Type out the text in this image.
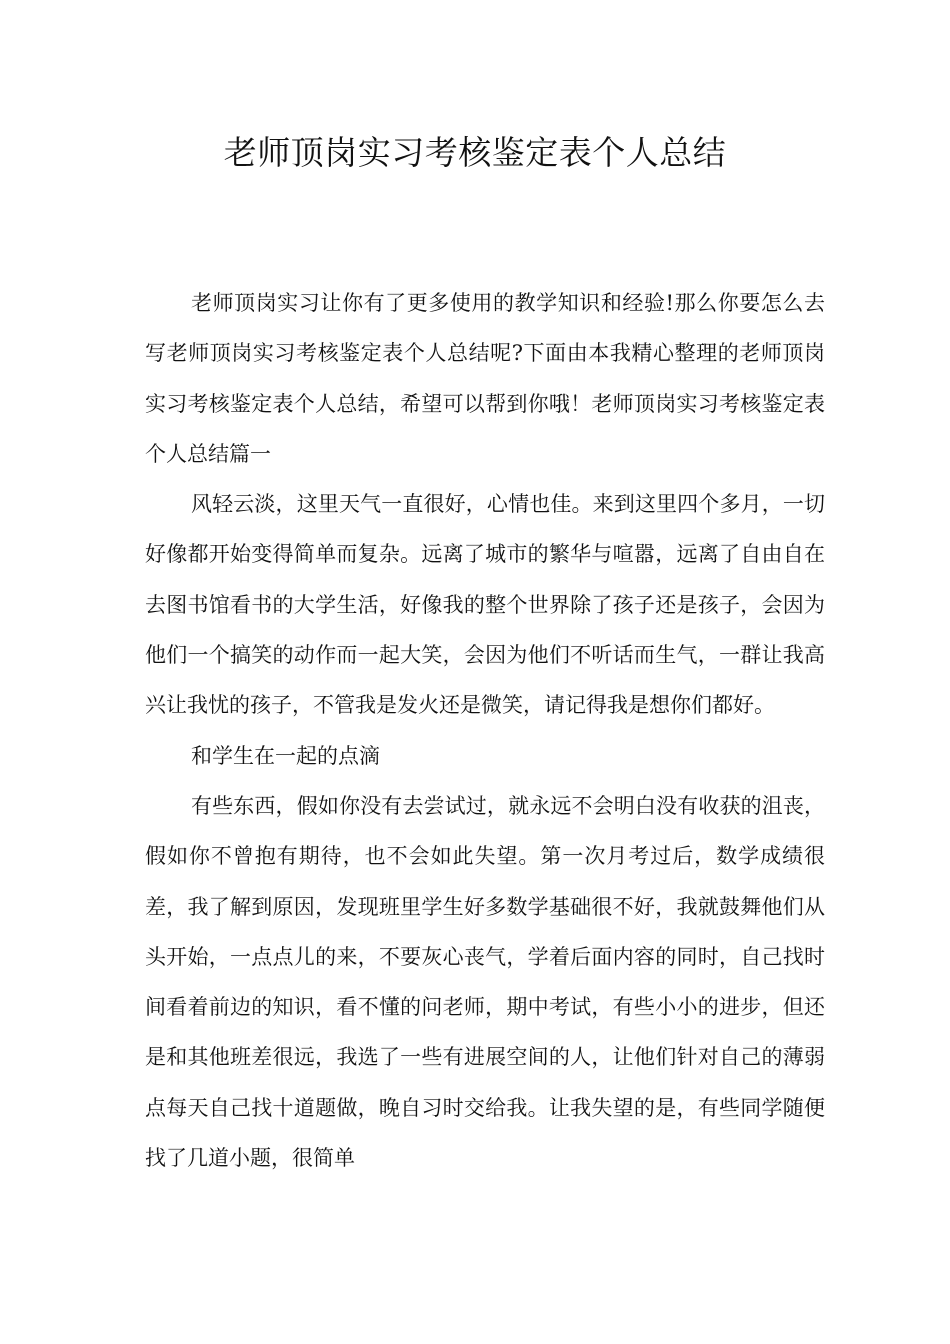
老师顶岗实习考核鉴定表个人总结

老师顶岗实习让你有了更多使用的教学知识和经验!那么你要怎么去写老师顶岗实习考核鉴定表个人总结呢?下面由本我精心整理的老师顶岗实习考核鉴定表个人总结，希望可以帮到你哦！老师顶岗实习考核鉴定表个人总结篇一

风轻云淡，这里天气一直很好，心情也佳。来到这里四个多月，一切好像都开始变得简单而复杂。远离了城市的繁华与喧嚣，远离了自由自在去图书馆看书的大学生活，好像我的整个世界除了孩子还是孩子，会因为他们一个搞笑的动作而一起大笑，会因为他们不听话而生气，一群让我高兴让我忧的孩子，不管我是发火还是微笑，请记得我是想你们都好。

和学生在一起的点滴

有些东西，假如你没有去尝试过，就永远不会明白没有收获的沮丧，假如你不曾抱有期待，也不会如此失望。第一次月考过后，数学成绩很差，我了解到原因，发现班里学生好多数学基础很不好，我就鼓舞他们从头开始，一点点儿的来，不要灰心丧气，学着后面内容的同时，自己找时间看着前边的知识，看不懂的问老师，期中考试，有些小小的进步，但还是和其他班差很远，我选了一些有进展空间的人，让他们针对自己的薄弱点每天自己找十道题做，晚自习时交给我。让我失望的是，有些同学随便找了几道小题，很简单
